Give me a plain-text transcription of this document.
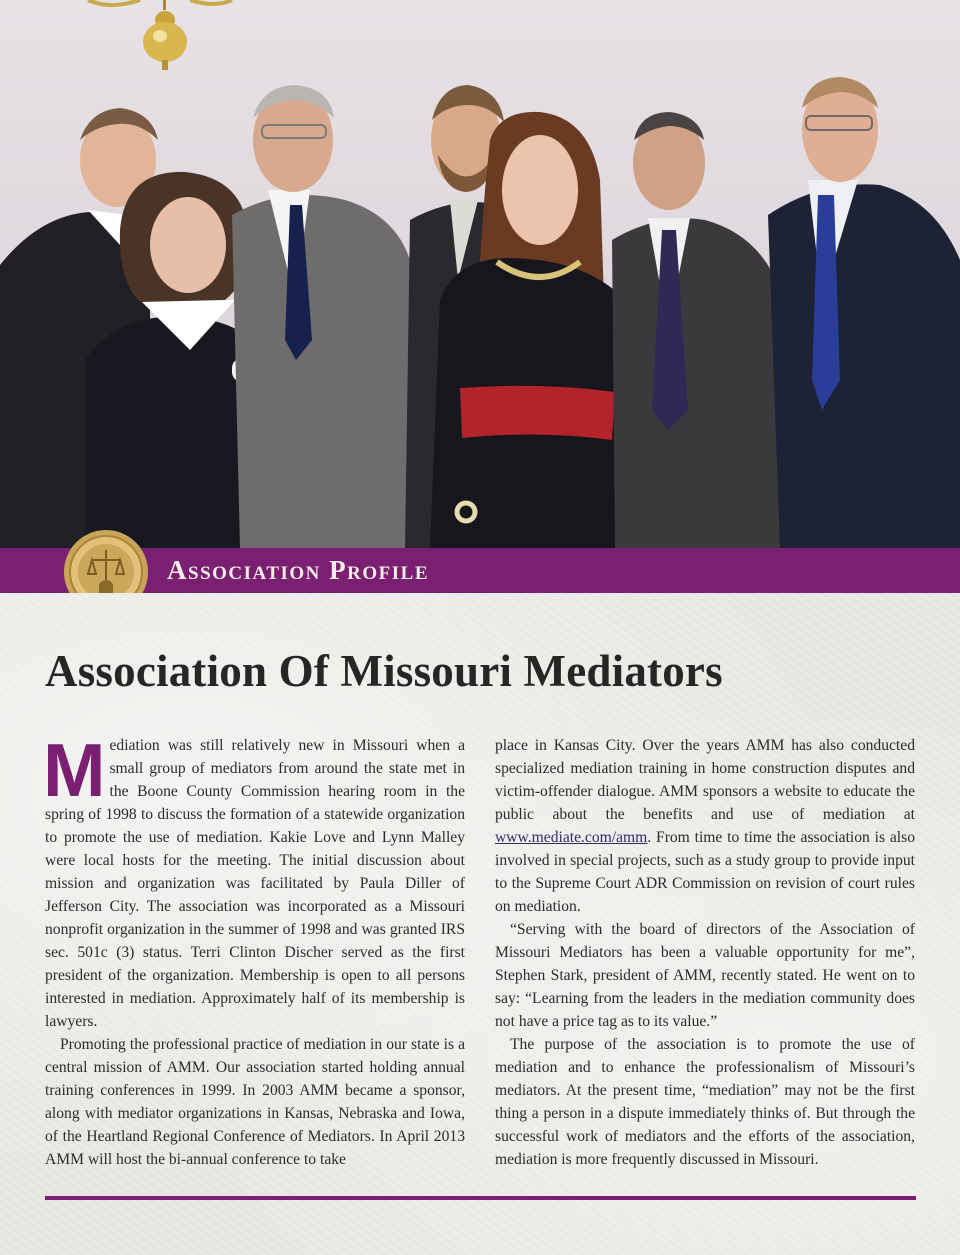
Association Profile
Association Of Missouri Mediators

Mediation was still relatively new in Missouri when a small group of mediators from around the state met in the Boone County Commission hearing room in the spring of 1998 to discuss the formation of a statewide organization to promote the use of mediation. Kakie Love and Lynn Malley were local hosts for the meeting. The initial discussion about mission and organization was facilitated by Paula Diller of Jefferson City. The association was incorporated as a Missouri nonprofit organization in the summer of 1998 and was granted IRS sec. 501c (3) status. Terri Clinton Discher served as the first president of the organization. Membership is open to all persons interested in mediation. Approximately half of its membership is lawyers.

Promoting the professional practice of mediation in our state is a central mission of AMM. Our association started holding annual training conferences in 1999. In 2003 AMM became a sponsor, along with mediator organizations in Kansas, Nebraska and Iowa, of the Heartland Regional Conference of Mediators. In April 2013 AMM will host the bi-annual conference to take

place in Kansas City. Over the years AMM has also conducted specialized mediation training in home construction disputes and victim-offender dialogue. AMM sponsors a website to educate the public about the benefits and use of mediation at www.mediate.com/amm. From time to time the association is also involved in special projects, such as a study group to provide input to the Supreme Court ADR Commission on revision of court rules on mediation.

“Serving with the board of directors of the Association of Missouri Mediators has been a valuable opportunity for me”, Stephen Stark, president of AMM, recently stated. He went on to say: “Learning from the leaders in the mediation community does not have a price tag as to its value.”

The purpose of the association is to promote the use of mediation and to enhance the professionalism of Missouri’s mediators. At the present time, “mediation” may not be the first thing a person in a dispute immediately thinks of. But through the successful work of mediators and the efforts of the association, mediation is more frequently discussed in Missouri.
